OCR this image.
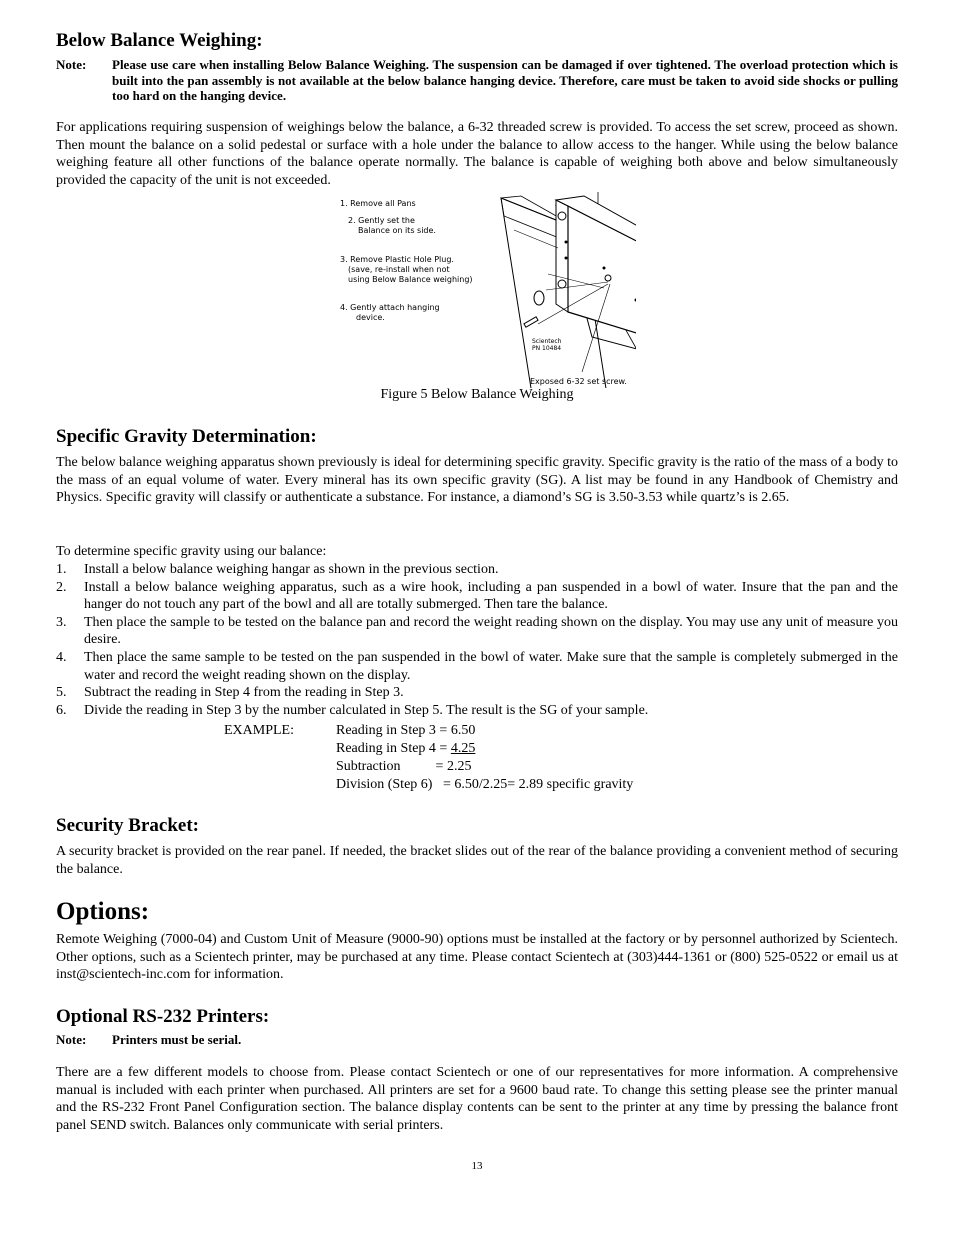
Below Balance Weighing:
Note:	Please use care when installing Below Balance Weighing. The suspension can be damaged if over tightened. The overload protection which is built into the pan assembly is not available at the below balance hanging device. Therefore, care must be taken to avoid side shocks or pulling too hard on the hanging device.

For applications requiring suspension of weighings below the balance, a 6-32 threaded screw is provided. To access the set screw, proceed as shown. Then mount the balance on a solid pedestal or surface with a hole under the balance to allow access to the hanger. While using the below balance weighing feature all other functions of the balance operate normally. The balance is capable of weighing both above and below simultaneously provided the capacity of the unit is not exceeded.

1. Remove all Pans
2. Gently set the
Balance on its side.
3. Remove Plastic Hole Plug.
(save, re-install when not
using Below Balance weighing)
4. Gently attach hanging
device.
Scientech
PN 10484
Exposed 6-32 set screw.
Figure 5 Below Balance Weighing
Specific Gravity Determination:

The below balance weighing apparatus shown previously is ideal for determining specific gravity. Specific gravity is the ratio of the mass of a body to the mass of an equal volume of water. Every mineral has its own specific gravity (SG). A list may be found in any Handbook of Chemistry and Physics. Specific gravity will classify or authenticate a substance. For instance, a diamond’s SG is 3.50-3.53 while quartz’s is 2.65.

To determine specific gravity using our balance:

1.	Install a below balance weighing hangar as shown in the previous section.
2.	Install a below balance weighing apparatus, such as a wire hook, including a pan suspended in a bowl of water. Insure that the pan and the hanger do not touch any part of the bowl and all are totally submerged. Then tare the balance.
3.	Then place the sample to be tested on the balance pan and record the weight reading shown on the display. You may use any unit of measure you desire.
4.	Then place the same sample to be tested on the pan suspended in the bowl of water. Make sure that the sample is completely submerged in the water and record the weight reading shown on the display.
5.	Subtract the reading in Step 4 from the reading in Step 3.
6.	Divide the reading in Step 3 by the number calculated in Step 5. The result is the SG of your sample.
EXAMPLE:	Reading in Step 3 = 6.50
Reading in Step 4 = 4.25
Subtraction          = 2.25
Division (Step 6)   = 6.50/2.25= 2.89 specific gravity
Security Bracket:

A security bracket is provided on the rear panel. If needed, the bracket slides out of the rear of the balance providing a convenient method of securing the balance.

Options:

Remote Weighing (7000-04) and Custom Unit of Measure (9000-90) options must be installed at the factory or by personnel authorized by Scientech. Other options, such as a Scientech printer, may be purchased at any time. Please contact Scientech at (303)444-1361 or (800) 525-0522 or email us at inst@scientech-inc.com for information.

Optional RS-232 Printers:
Note:	Printers must be serial.

There are a few different models to choose from. Please contact Scientech or one of our representatives for more information. A comprehensive manual is included with each printer when purchased. All printers are set for a 9600 baud rate. To change this setting please see the printer manual and the RS-232 Front Panel Configuration section. The balance display contents can be sent to the printer at any time by pressing the balance front panel SEND switch. Balances only communicate with serial printers.

13
